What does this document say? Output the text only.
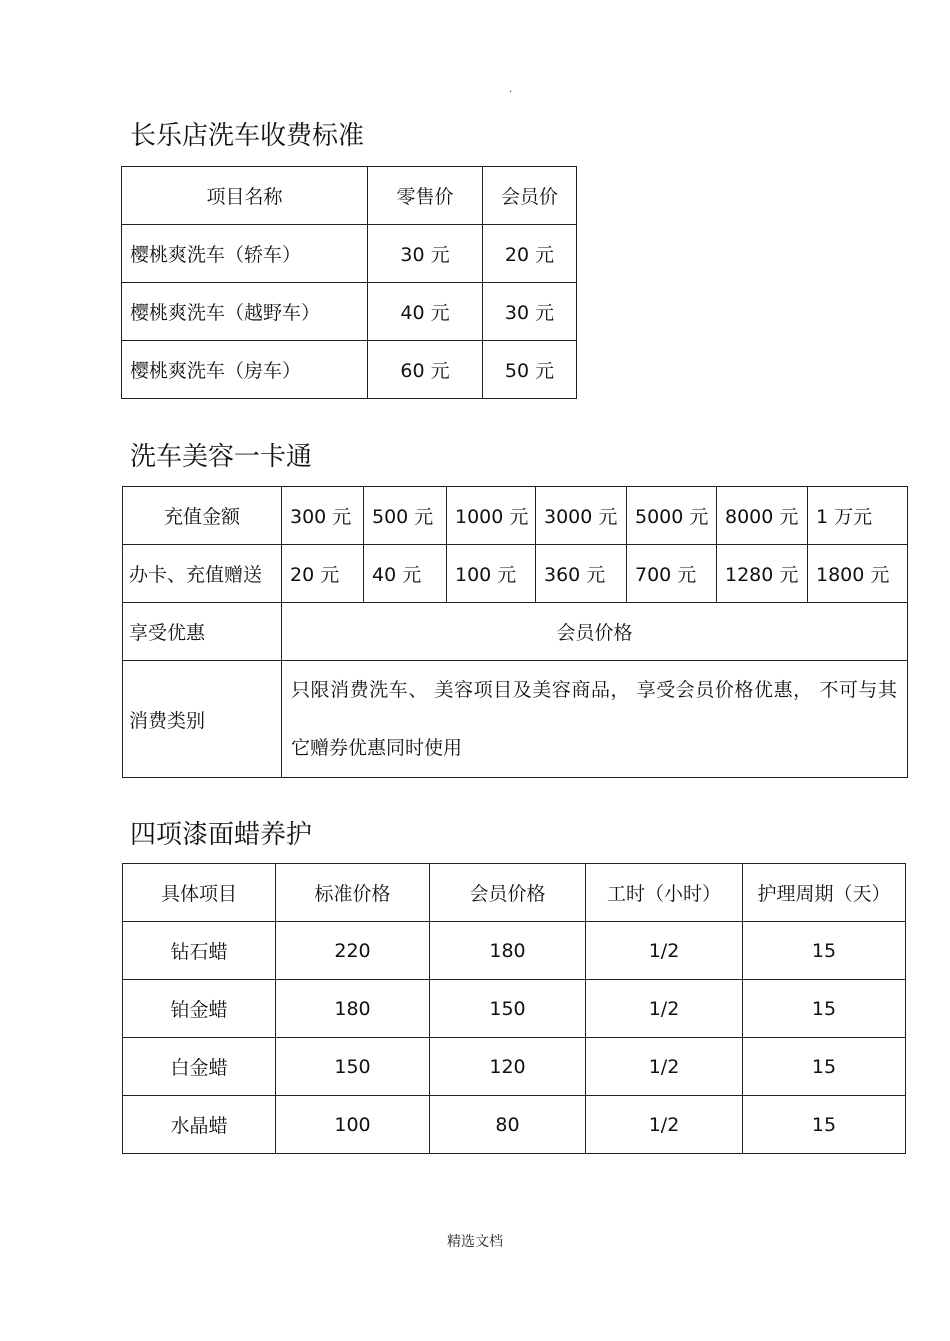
.
长乐店洗车收费标准
项目名称	零售价	会员价
樱桃爽洗车（轿车）	30 元	20 元
樱桃爽洗车（越野车）	40 元	30 元
樱桃爽洗车（房车）	60 元	50 元
洗车美容一卡通
充值金额	300 元	500 元	1000 元	3000 元	5000 元	8000 元	1 万元
办卡、充值赠送	20 元	40 元	100 元	360 元	700 元	1280 元	1800 元
享受优惠	会员价格						
消费类别	只限消费洗车、 美容项目及美容商品， 享受会员价格优惠， 不可与其它赠券优惠同时使用						
四项漆面蜡养护
具体项目	标准价格	会员价格	工时（小时）	护理周期（天）
钻石蜡	220	180	1/2	15
铂金蜡	180	150	1/2	15
白金蜡	150	120	1/2	15
水晶蜡	100	80	1/2	15
精选文档
